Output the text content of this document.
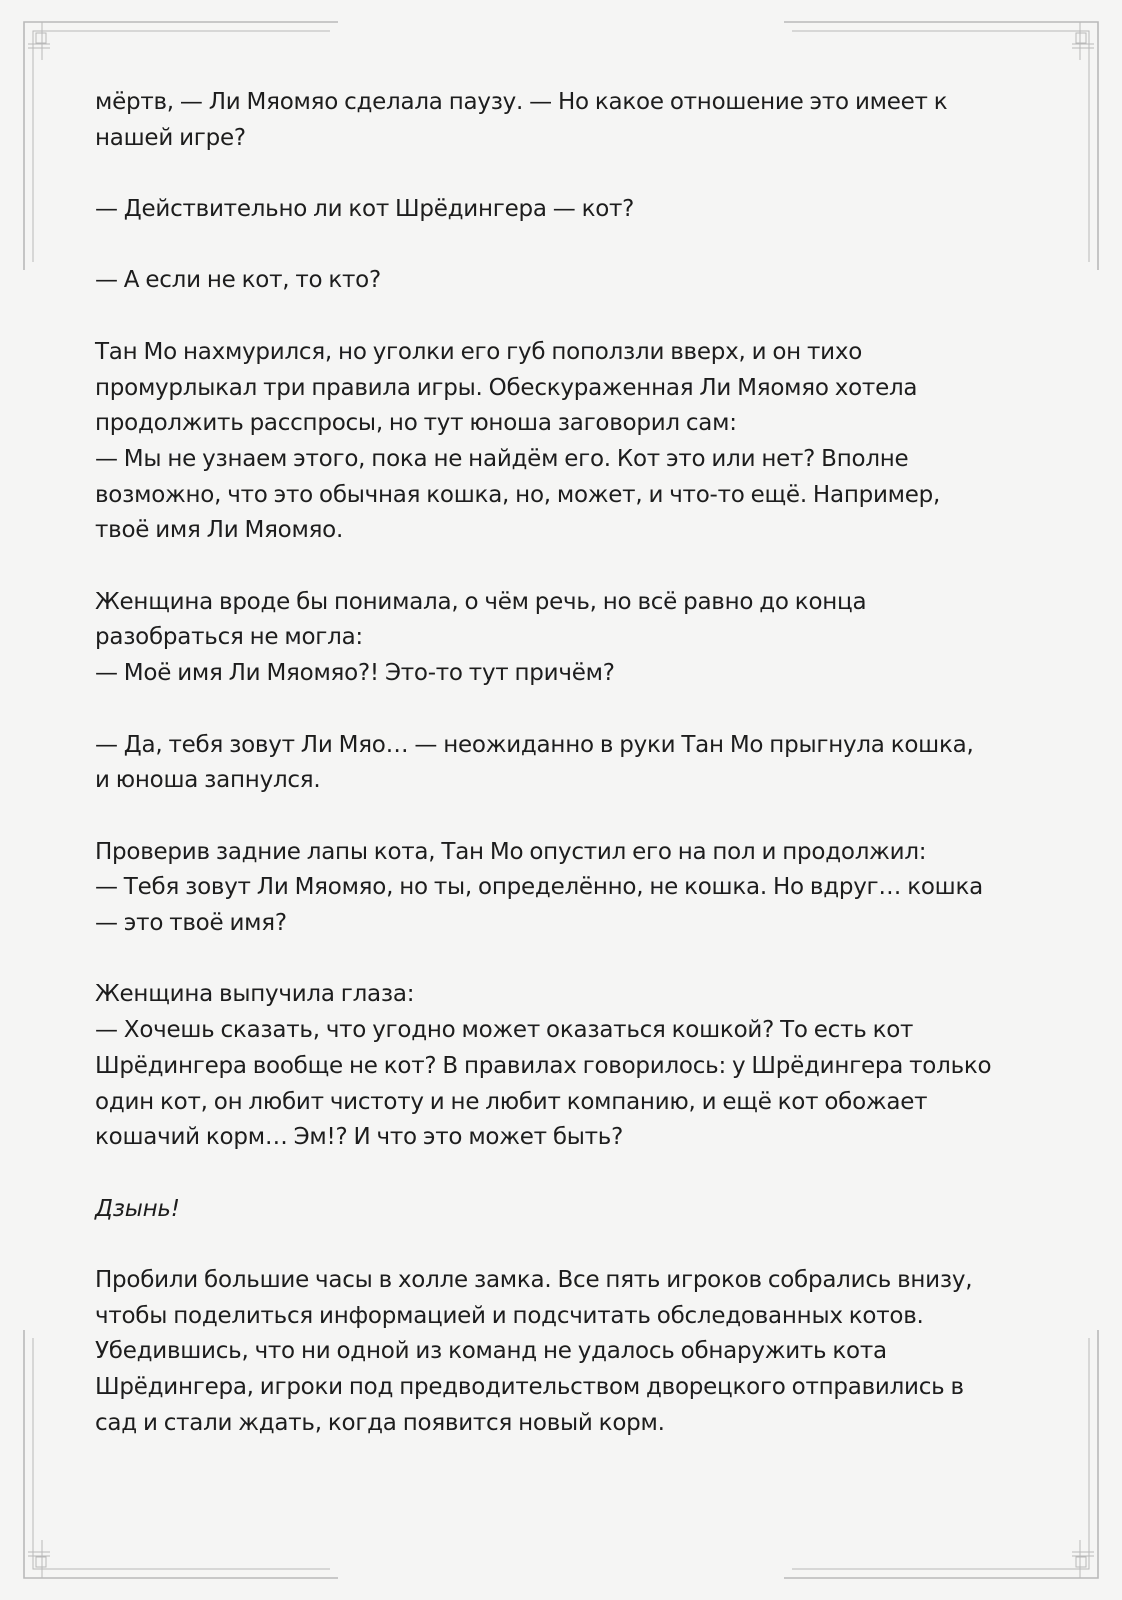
мёртв, — Ли Мяомяо сделала паузу. — Но какое отношение это имеет к
нашей игре?
— Действительно ли кот Шрёдингера — кот?
— А если не кот, то кто?
Тан Мо нахмурился, но уголки его губ поползли вверх, и он тихо
промурлыкал три правила игры. Обескураженная Ли Мяомяо хотела
продолжить расспросы, но тут юноша заговорил сам:
— Мы не узнаем этого, пока не найдём его. Кот это или нет? Вполне
возможно, что это обычная кошка, но, может, и что-то ещё. Например,
твоё имя Ли Мяомяо.
Женщина вроде бы понимала, о чём речь, но всё равно до конца
разобраться не могла:
— Моё имя Ли Мяомяо?! Это-то тут причём?
— Да, тебя зовут Ли Мяо… — неожиданно в руки Тан Мо прыгнула кошка,
и юноша запнулся.
Проверив задние лапы кота, Тан Мо опустил его на пол и продолжил:
— Тебя зовут Ли Мяомяо, но ты, определённо, не кошка. Но вдруг… кошка
— это твоё имя?
Женщина выпучила глаза:
— Хочешь сказать, что угодно может оказаться кошкой? То есть кот
Шрёдингера вообще не кот? В правилах говорилось: у Шрёдингера только
один кот, он любит чистоту и не любит компанию, и ещё кот обожает
кошачий корм… Эм!? И что это может быть?
Дзынь!
Пробили большие часы в холле замка. Все пять игроков собрались внизу,
чтобы поделиться информацией и подсчитать обследованных котов.
Убедившись, что ни одной из команд не удалось обнаружить кота
Шрёдингера, игроки под предводительством дворецкого отправились в
сад и стали ждать, когда появится новый корм.
